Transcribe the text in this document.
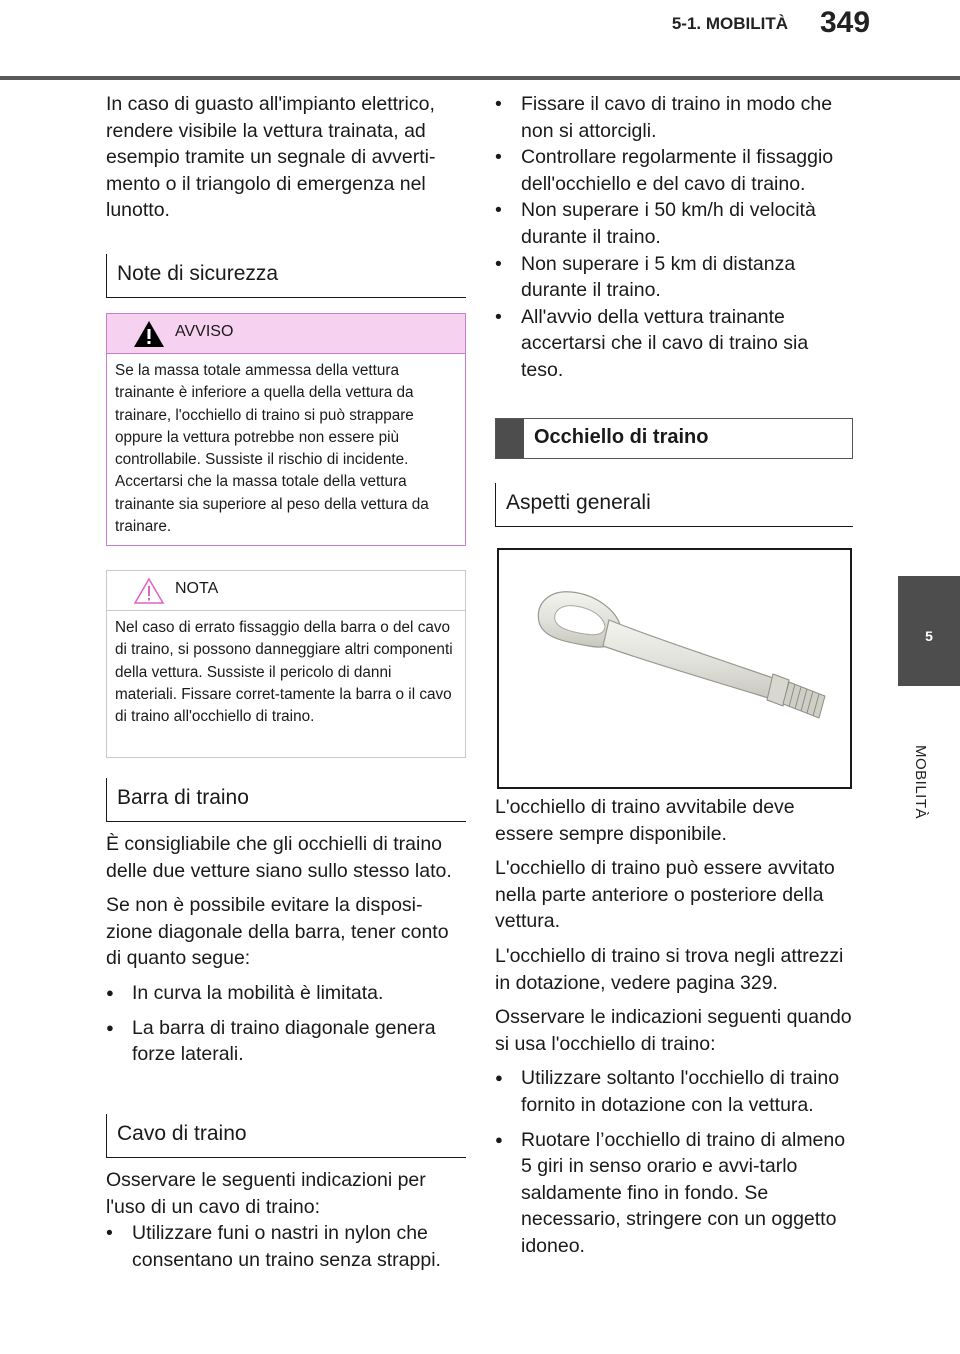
5-1. MOBILITÀ 349
5
MOBILITÀ

In caso di guasto all'impianto elettrico, rendere visibile la vettura trainata, ad esempio tramite un segnale di avverti-mento o il triangolo di emergenza nel lunotto.

Note di sicurezza
AVVISO
Se la massa totale ammessa della vettura trainante è inferiore a quella della vettura da trainare, l'occhiello di traino si può strappare oppure la vettura potrebbe non essere più controllabile. Sussiste il rischio di incidente. Accertarsi che la massa totale della vettura trainante sia superiore al peso della vettura da trainare.
NOTA
Nel caso di errato fissaggio della barra o del cavo di traino, si possono danneggiare altri componenti della vettura. Sussiste il pericolo di danni materiali. Fissare corret-tamente la barra o il cavo di traino all'occhiello di traino.
Barra di traino

È consigliabile che gli occhielli di traino delle due vetture siano sullo stesso lato.

Se non è possibile evitare la disposi-zione diagonale della barra, tener conto di quanto segue:

● In curva la mobilità è limitata.

● La barra di traino diagonale genera forze laterali.

Cavo di traino

Osservare le seguenti indicazioni per l'uso di un cavo di traino:

• Utilizzare funi o nastri in nylon che consentano un traino senza strappi.

• Fissare il cavo di traino in modo che non si attorcigli.

• Controllare regolarmente il fissaggio dell'occhiello e del cavo di traino.

• Non superare i 50 km/h di velocità durante il traino.

• Non superare i 5 km di distanza durante il traino.

• All'avvio della vettura trainante accertarsi che il cavo di traino sia teso.

Occhiello di traino
Aspetti generali

L'occhiello di traino avvitabile deve essere sempre disponibile.

L'occhiello di traino può essere avvitato nella parte anteriore o posteriore della vettura.

L'occhiello di traino si trova negli attrezzi in dotazione, vedere pagina 329.

Osservare le indicazioni seguenti quando si usa l'occhiello di traino:

● Utilizzare soltanto l'occhiello di traino fornito in dotazione con la vettura.

● Ruotare l’occhiello di traino di almeno 5 giri in senso orario e avvi-tarlo saldamente fino in fondo. Se necessario, stringere con un oggetto idoneo.
